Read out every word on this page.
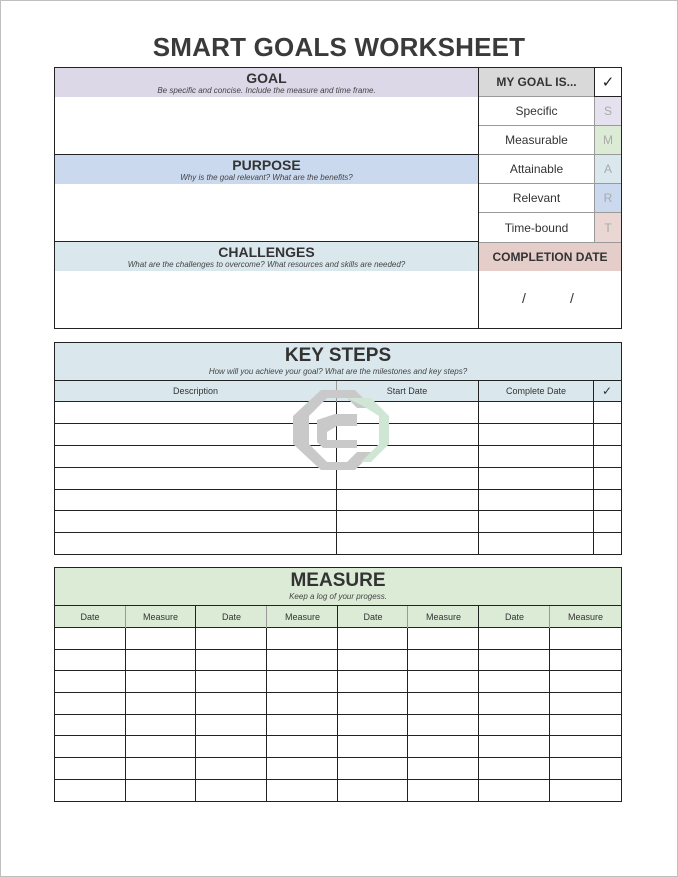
SMART GOALS WORKSHEET
GOAL
Be specific and concise. Include the measure and time frame.
PURPOSE
Why is the goal relevant? What are the benefits?
CHALLENGES
What are the challenges to overcome? What resources and skills are needed?
MY GOAL IS...	✓
Specific	S
Measurable	M
Attainable	A
Relevant	R
Time-bound	T
COMPLETION DATE
/	/
KEY STEPS
How will you achieve your goal? What are the milestones and key steps?
Description	Start Date	Complete Date	✓
MEASURE
Keep a log of your progess.
Date	Measure	Date	Measure	Date	Measure	Date	Measure
